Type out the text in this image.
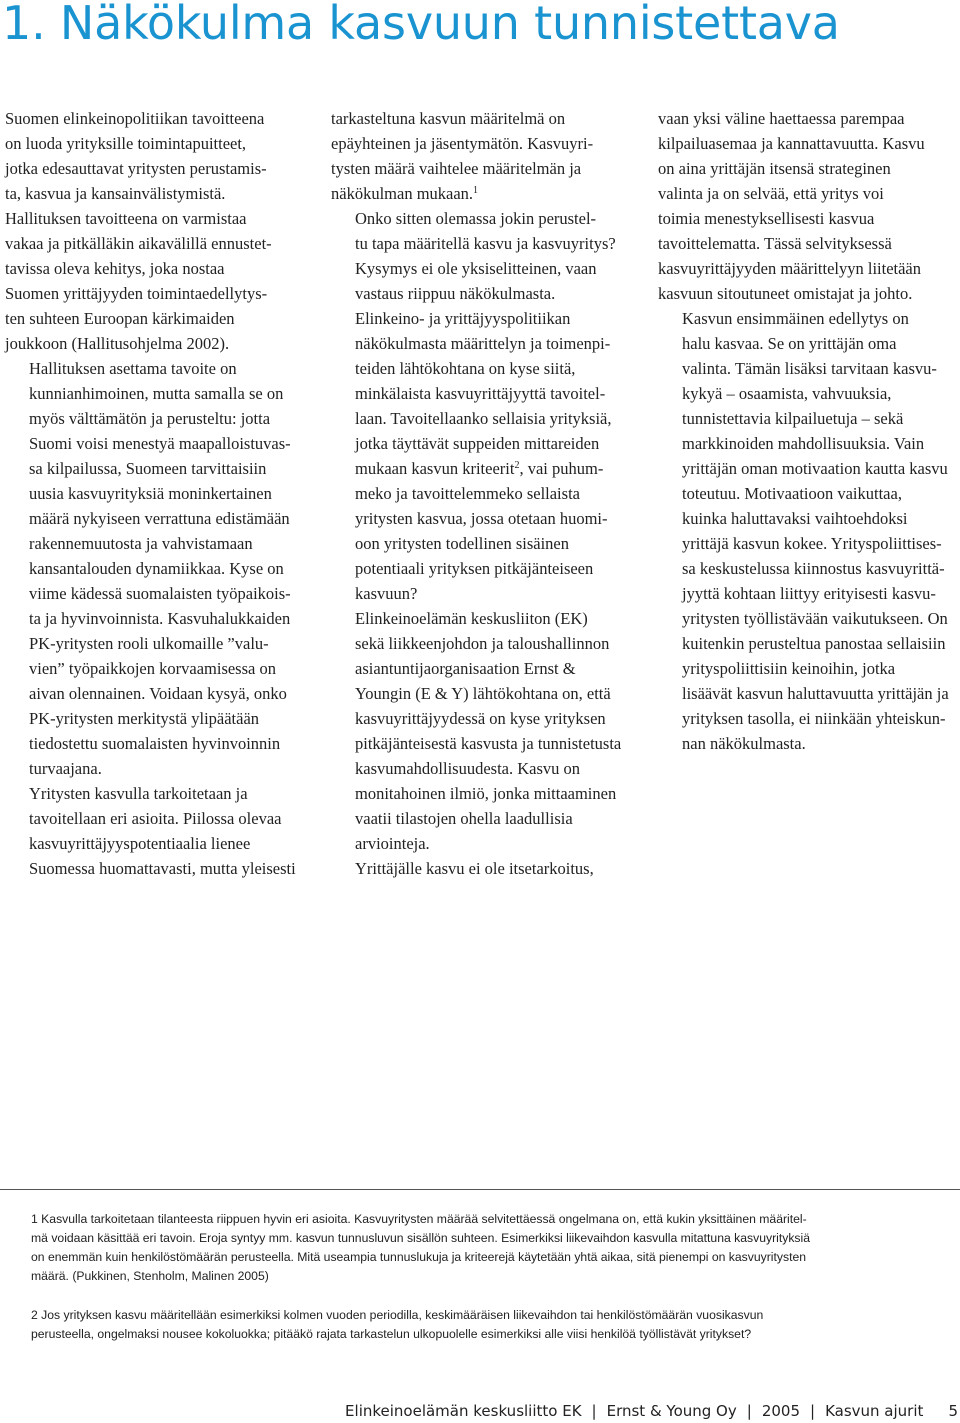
1. Näkökulma kasvuun tunnistettava

Suomen elinkeinopolitiikan tavoitteena
on luoda yrityksille toimintapuitteet,
jotka edesauttavat yritysten perustamis-
ta, kasvua ja kansainvälistymistä.
Hallituksen tavoitteena on varmistaa
vakaa ja pitkälläkin aikavälillä ennustet-
tavissa oleva kehitys, joka nostaa
Suomen yrittäjyyden toimintaedellytys-
ten suhteen Euroopan kärkimaiden
joukkoon (Hallitusohjelma 2002).

Hallituksen asettama tavoite on
kunnianhimoinen, mutta samalla se on
myös välttämätön ja perusteltu: jotta
Suomi voisi menestyä maapalloistuvas-
sa kilpailussa, Suomeen tarvittaisiin
uusia kasvuyrityksiä moninkertainen
määrä nykyiseen verrattuna edistämään
rakennemuutosta ja vahvistamaan
kansantalouden dynamiikkaa. Kyse on
viime kädessä suomalaisten työpaikois-
ta ja hyvinvoinnista. Kasvuhalukkaiden
PK-yritysten rooli ulkomaille ”valu-
vien” työpaikkojen korvaamisessa on
aivan olennainen. Voidaan kysyä, onko
PK-yritysten merkitystä ylipäätään
tiedostettu suomalaisten hyvinvoinnin
turvaajana.

Yritysten kasvulla tarkoitetaan ja
tavoitellaan eri asioita. Piilossa olevaa
kasvuyrittäjyyspotentiaalia lienee
Suomessa huomattavasti, mutta yleisesti

tarkasteltuna kasvun määritelmä on
epäyhteinen ja jäsentymätön. Kasvuyri-
tysten määrä vaihtelee määritelmän ja
näkökulman mukaan.$^1$

Onko sitten olemassa jokin perustel-
tu tapa määritellä kasvu ja kasvuyritys?
Kysymys ei ole yksiselitteinen, vaan
vastaus riippuu näkökulmasta.

Elinkeino- ja yrittäjyyspolitiikan
näkökulmasta määrittelyn ja toimenpi-
teiden lähtökohtana on kyse siitä,
minkälaista kasvuyrittäjyyttä tavoitel-
laan. Tavoitellaanko sellaisia yrityksiä,
jotka täyttävät suppeiden mittareiden
mukaan kasvun kriteerit$^2$, vai puhum-
meko ja tavoittelemmeko sellaista
yritysten kasvua, jossa otetaan huomi-
oon yritysten todellinen sisäinen
potentiaali yrityksen pitkäjänteiseen
kasvuun?

Elinkeinoelämän keskusliiton (EK)
sekä liikkeenjohdon ja taloushallinnon
asiantuntijaorganisaation Ernst &
Youngin (E & Y) lähtökohtana on, että
kasvuyrittäjyydessä on kyse yrityksen
pitkäjänteisestä kasvusta ja tunnistetusta
kasvumahdollisuudesta. Kasvu on
monitahoinen ilmiö, jonka mittaaminen
vaatii tilastojen ohella laadullisia
arviointeja.

Yrittäjälle kasvu ei ole itsetarkoitus,

vaan yksi väline haettaessa parempaa
kilpailuasemaa ja kannattavuutta. Kasvu
on aina yrittäjän itsensä strateginen
valinta ja on selvää, että yritys voi
toimia menestyksellisesti kasvua
tavoittelematta. Tässä selvityksessä
kasvuyrittäjyyden määrittelyyn liitetään
kasvuun sitoutuneet omistajat ja johto.

Kasvun ensimmäinen edellytys on
halu kasvaa. Se on yrittäjän oma
valinta. Tämän lisäksi tarvitaan kasvu-
kykyä – osaamista, vahvuuksia,
tunnistettavia kilpailuetuja – sekä
markkinoiden mahdollisuuksia. Vain
yrittäjän oman motivaation kautta kasvu
toteutuu. Motivaatioon vaikuttaa,
kuinka haluttavaksi vaihtoehdoksi
yrittäjä kasvun kokee. Yrityspoliittises-
sa keskustelussa kiinnostus kasvuyrittä-
jyyttä kohtaan liittyy erityisesti kasvu-
yritysten työllistävään vaikutukseen. On
kuitenkin perusteltua panostaa sellaisiin
yrityspoliittisiin keinoihin, jotka
lisäävät kasvun haluttavuutta yrittäjän ja
yrityksen tasolla, ei niinkään yhteiskun-
nan näkökulmasta.

1 Kasvulla tarkoitetaan tilanteesta riippuen hyvin eri asioita. Kasvuyritysten määrää selvitettäessä ongelmana on, että kukin yksittäinen määritel-
mä voidaan käsittää eri tavoin. Eroja syntyy mm. kasvun tunnusluvun sisällön suhteen. Esimerkiksi liikevaihdon kasvulla mitattuna kasvuyrityksiä
on enemmän kuin henkilöstömäärän perusteella. Mitä useampia tunnuslukuja ja kriteerejä käytetään yhtä aikaa, sitä pienempi on kasvuyritysten
määrä. (Pukkinen, Stenholm, Malinen 2005)
2 Jos yrityksen kasvu määritellään esimerkiksi kolmen vuoden periodilla, keskimääräisen liikevaihdon tai henkilöstömäärän vuosikasvun
perusteella, ongelmaksi nousee kokoluokka; pitääkö rajata tarkastelun ulkopuolelle esimerkiksi alle viisi henkilöä työllistävät yritykset?
Elinkeinoelämän keskusliitto EK | Ernst & Young Oy | 2005 | Kasvun ajurit 5
